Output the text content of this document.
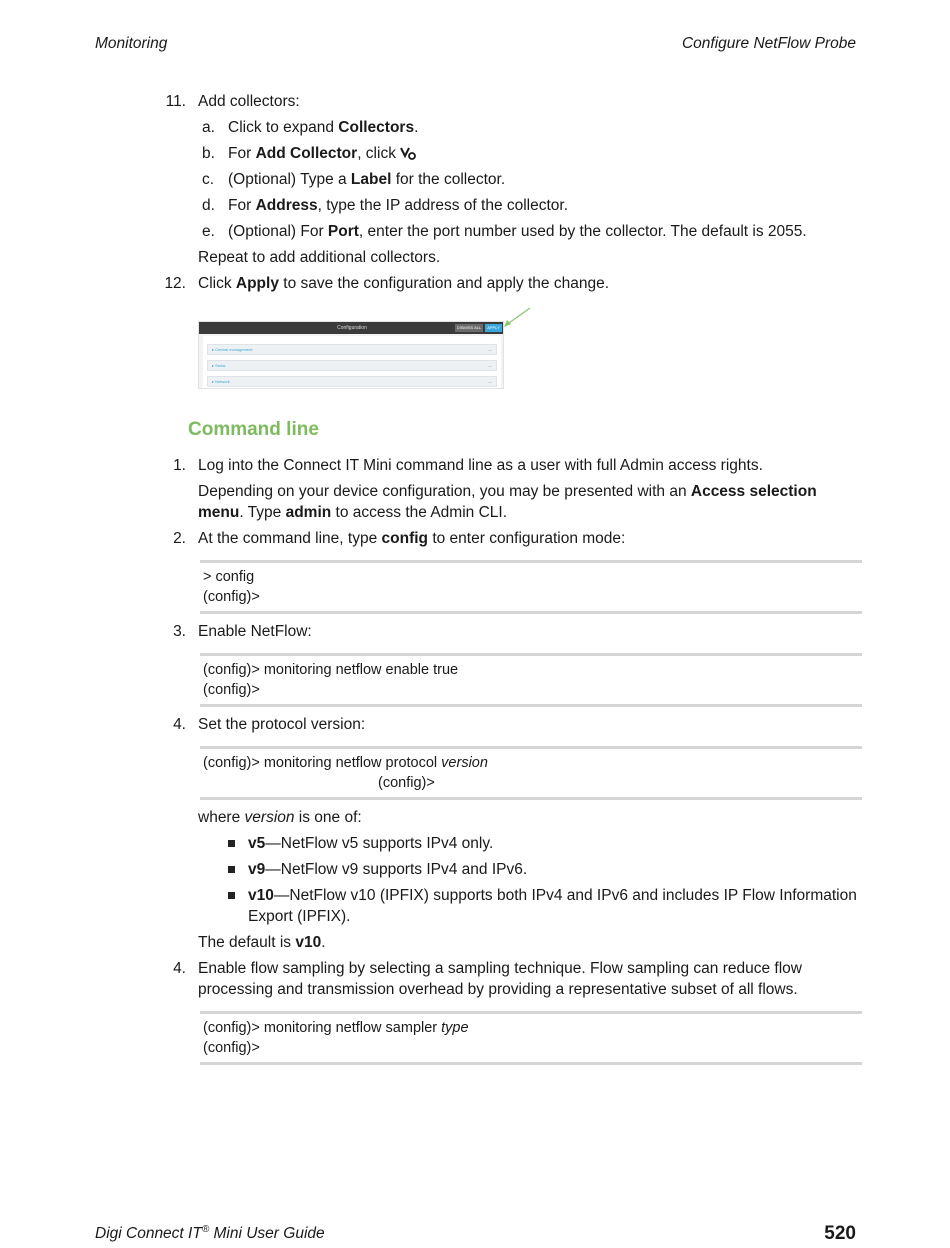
Monitoring	Configure NetFlow Probe
11. Add collectors:
a. Click to expand Collectors.
b. For Add Collector, click
c. (Optional) Type a Label for the collector.
d. For Address, type the IP address of the collector.
e. (Optional) For Port, enter the port number used by the collector. The default is 2055.
Repeat to add additional collectors.
12. Click Apply to save the configuration and apply the change.
Configuration	DISMISS ALL	APPLY
▸ Central management	—
▸ Serial	—
▸ Network	—
Command line
1. Log into the Connect IT Mini command line as a user with full Admin access rights.
Depending on your device configuration, you may be presented with an Access selection
menu. Type admin to access the Admin CLI.
2. At the command line, type config to enter configuration mode:
> config
(config)>
3. Enable NetFlow:
(config)> monitoring netflow enable true
(config)>
4. Set the protocol version:
(config)> monitoring netflow protocol version
(config)>
where version is one of:
v5—NetFlow v5 supports IPv4 only.
v9—NetFlow v9 supports IPv4 and IPv6.
v10—NetFlow v10 (IPFIX) supports both IPv4 and IPv6 and includes IP Flow Information
Export (IPFIX).
The default is v10.
4. Enable flow sampling by selecting a sampling technique. Flow sampling can reduce flow
processing and transmission overhead by providing a representative subset of all flows.
(config)> monitoring netflow sampler type
(config)>
Digi Connect IT® Mini User Guide	520
